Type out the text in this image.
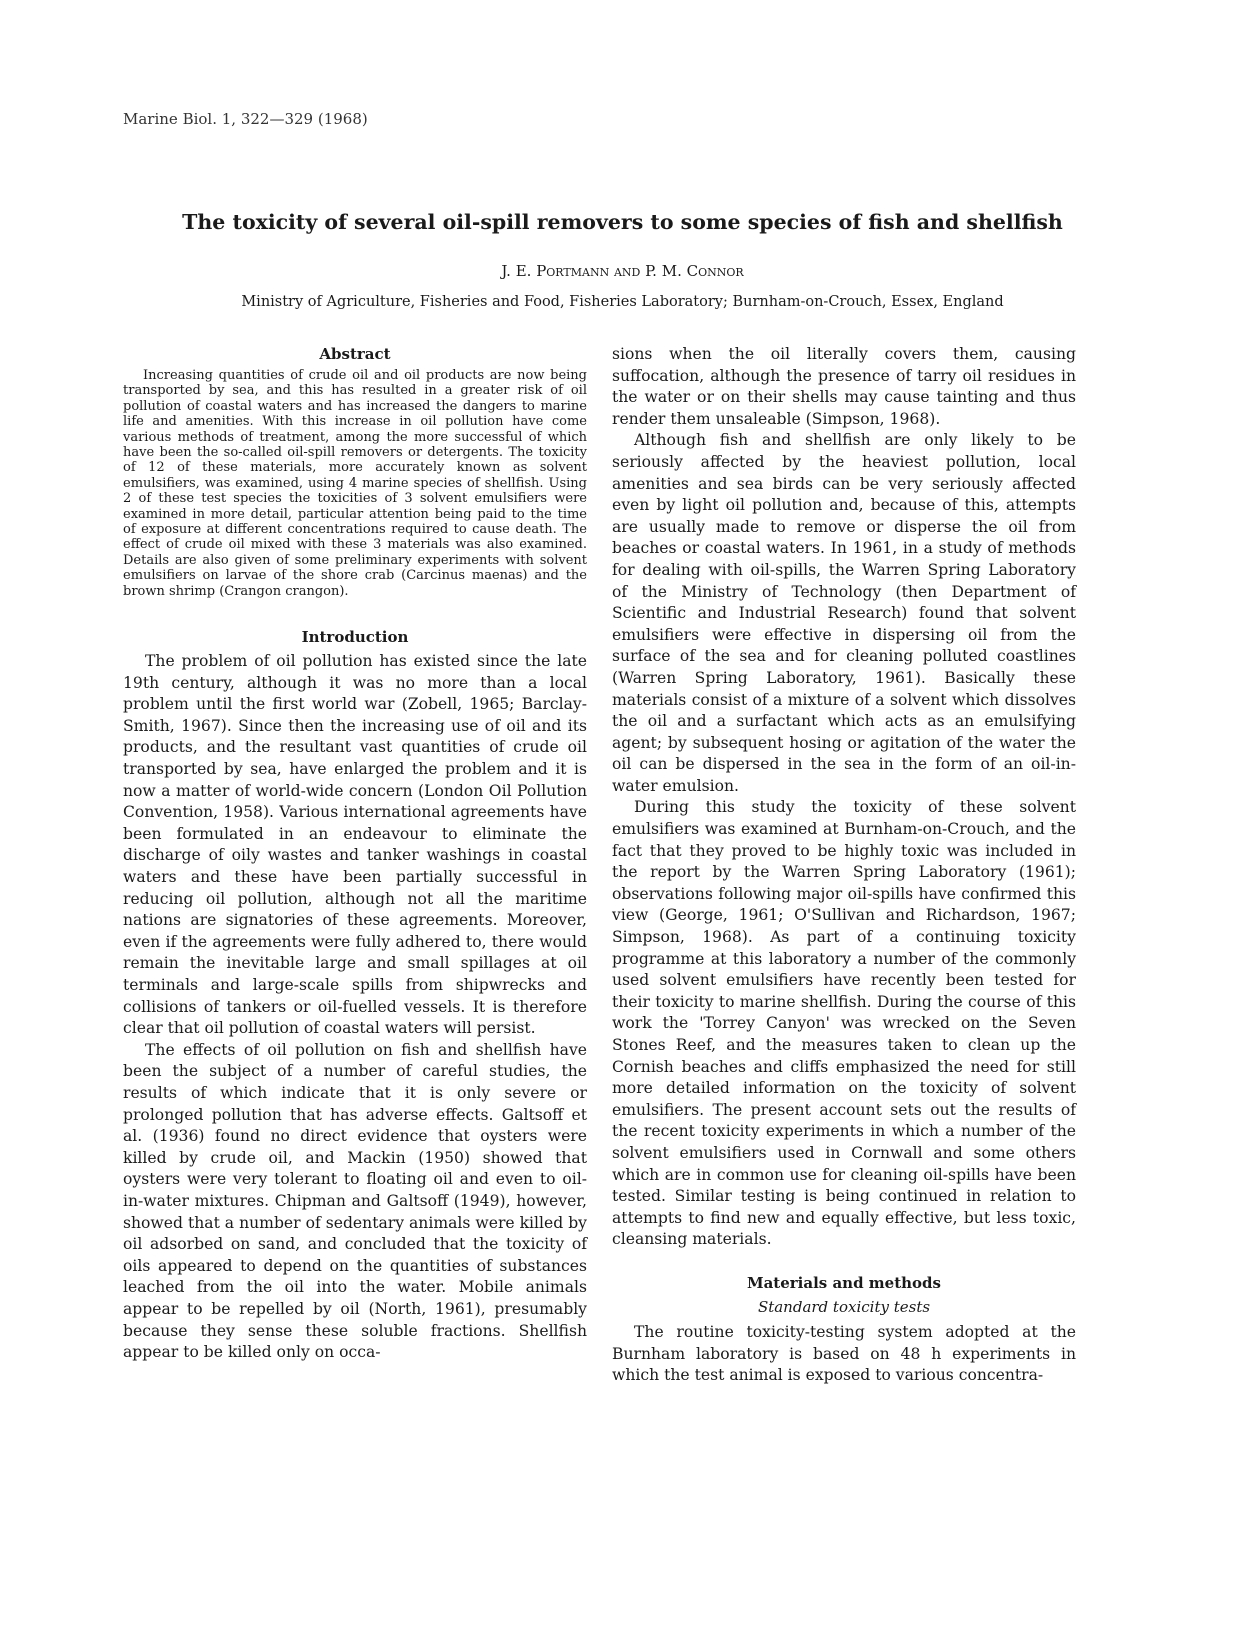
Marine Biol. 1, 322—329 (1968)
The toxicity of several oil-spill removers to some species of fish and shellfish
J. E. Portmann and P. M. Connor
Ministry of Agriculture, Fisheries and Food, Fisheries Laboratory; Burnham-on-Crouch, Essex, England
Abstract

Increasing quantities of crude oil and oil products are now being transported by sea, and this has resulted in a greater risk of oil pollution of coastal waters and has increased the dangers to marine life and amenities. With this increase in oil pollution have come various methods of treatment, among the more successful of which have been the so-called oil-spill removers or detergents. The toxicity of 12 of these materials, more accurately known as solvent emulsifiers, was examined, using 4 marine species of shellfish. Using 2 of these test species the toxicities of 3 solvent emulsifiers were examined in more detail, particular attention being paid to the time of exposure at different concentrations required to cause death. The effect of crude oil mixed with these 3 materials was also examined. Details are also given of some preliminary experiments with solvent emulsifiers on larvae of the shore crab (Carcinus maenas) and the brown shrimp (Crangon crangon).

Introduction

The problem of oil pollution has existed since the late 19th century, although it was no more than a local problem until the first world war (Zobell, 1965; Barclay-Smith, 1967). Since then the increasing use of oil and its products, and the resultant vast quantities of crude oil transported by sea, have enlarged the problem and it is now a matter of world-wide concern (London Oil Pollution Convention, 1958). Various international agreements have been formulated in an endeavour to eliminate the discharge of oily wastes and tanker washings in coastal waters and these have been partially successful in reducing oil pollution, although not all the maritime nations are signatories of these agreements. Moreover, even if the agreements were fully adhered to, there would remain the inevitable large and small spillages at oil terminals and large-scale spills from shipwrecks and collisions of tankers or oil-fuelled vessels. It is therefore clear that oil pollution of coastal waters will persist.

The effects of oil pollution on fish and shellfish have been the subject of a number of careful studies, the results of which indicate that it is only severe or prolonged pollution that has adverse effects. Galtsoff et al. (1936) found no direct evidence that oysters were killed by crude oil, and Mackin (1950) showed that oysters were very tolerant to floating oil and even to oil-in-water mixtures. Chipman and Galtsoff (1949), however, showed that a number of sedentary animals were killed by oil adsorbed on sand, and concluded that the toxicity of oils appeared to depend on the quantities of substances leached from the oil into the water. Mobile animals appear to be repelled by oil (North, 1961), presumably because they sense these soluble fractions. Shellfish appear to be killed only on occa-

sions when the oil literally covers them, causing suffocation, although the presence of tarry oil residues in the water or on their shells may cause tainting and thus render them unsaleable (Simpson, 1968).

Although fish and shellfish are only likely to be seriously affected by the heaviest pollution, local amenities and sea birds can be very seriously affected even by light oil pollution and, because of this, attempts are usually made to remove or disperse the oil from beaches or coastal waters. In 1961, in a study of methods for dealing with oil-spills, the Warren Spring Laboratory of the Ministry of Technology (then Department of Scientific and Industrial Research) found that solvent emulsifiers were effective in dispersing oil from the surface of the sea and for cleaning polluted coastlines (Warren Spring Laboratory, 1961). Basically these materials consist of a mixture of a solvent which dissolves the oil and a surfactant which acts as an emulsifying agent; by subsequent hosing or agitation of the water the oil can be dispersed in the sea in the form of an oil-in-water emulsion.

During this study the toxicity of these solvent emulsifiers was examined at Burnham-on-Crouch, and the fact that they proved to be highly toxic was included in the report by the Warren Spring Laboratory (1961); observations following major oil-spills have confirmed this view (George, 1961; O'Sullivan and Richardson, 1967; Simpson, 1968). As part of a continuing toxicity programme at this laboratory a number of the commonly used solvent emulsifiers have recently been tested for their toxicity to marine shellfish. During the course of this work the 'Torrey Canyon' was wrecked on the Seven Stones Reef, and the measures taken to clean up the Cornish beaches and cliffs emphasized the need for still more detailed information on the toxicity of solvent emulsifiers. The present account sets out the results of the recent toxicity experiments in which a number of the solvent emulsifiers used in Cornwall and some others which are in common use for cleaning oil-spills have been tested. Similar testing is being continued in relation to attempts to find new and equally effective, but less toxic, cleansing materials.

Materials and methods
Standard toxicity tests

The routine toxicity-testing system adopted at the Burnham laboratory is based on 48 h experiments in which the test animal is exposed to various concentra-
